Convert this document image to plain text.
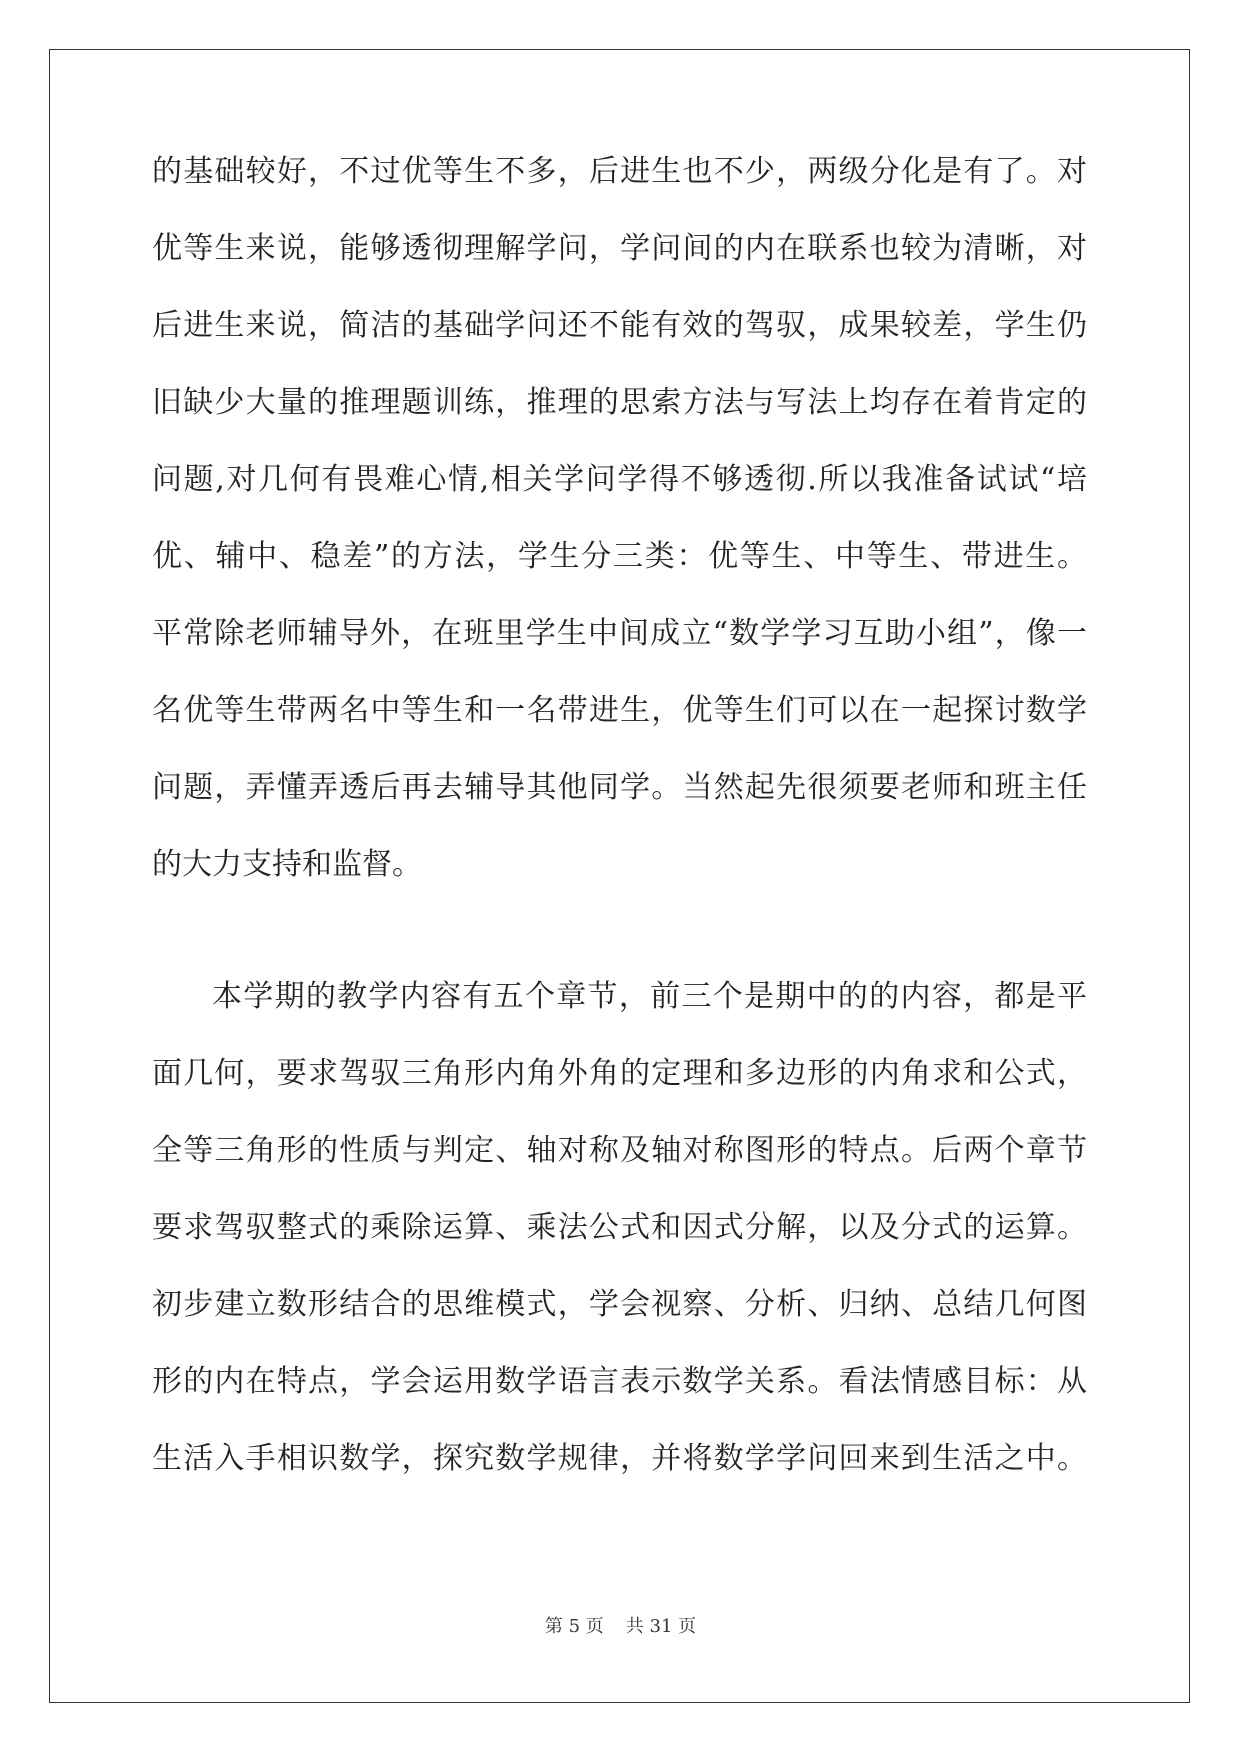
的基础较好，不过优等生不多，后进生也不少，两级分化是有了。对
优等生来说，能够透彻理解学问，学问间的内在联系也较为清晰，对
后进生来说，简洁的基础学问还不能有效的驾驭，成果较差，学生仍
旧缺少大量的推理题训练，推理的思索方法与写法上均存在着肯定的
问题,对几何有畏难心情,相关学问学得不够透彻.所以我准备试试“培
优、辅中、稳差”的方法，学生分三类：优等生、中等生、带进生。
平常除老师辅导外，在班里学生中间成立“数学学习互助小组”，像一
名优等生带两名中等生和一名带进生，优等生们可以在一起探讨数学
问题，弄懂弄透后再去辅导其他同学。当然起先很须要老师和班主任
的大力支持和监督。
本学期的教学内容有五个章节，前三个是期中的的内容，都是平
面几何，要求驾驭三角形内角外角的定理和多边形的内角求和公式，
全等三角形的性质与判定、轴对称及轴对称图形的特点。后两个章节
要求驾驭整式的乘除运算、乘法公式和因式分解，以及分式的运算。
初步建立数形结合的思维模式，学会视察、分析、归纳、总结几何图
形的内在特点，学会运用数学语言表示数学关系。看法情感目标：从
生活入手相识数学，探究数学规律，并将数学学问回来到生活之中。
第 5 页 共 31 页
